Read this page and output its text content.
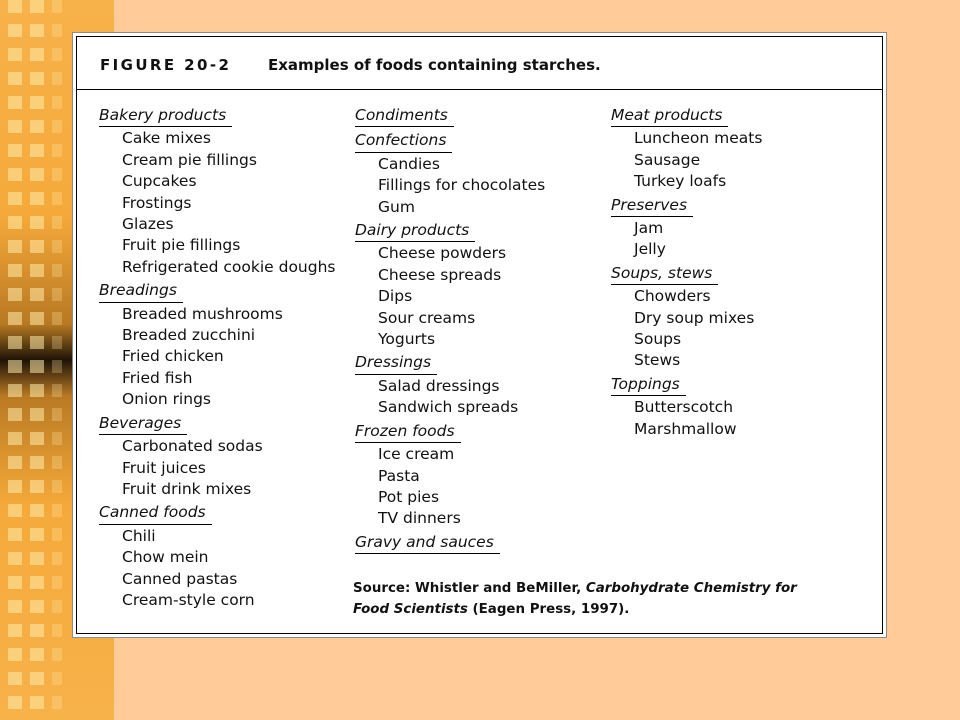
FIGURE 20-2 Examples of foods containing starches.
Bakery products
Cake mixes
Cream pie fillings
Cupcakes
Frostings
Glazes
Fruit pie fillings
Refrigerated cookie doughs
Breadings
Breaded mushrooms
Breaded zucchini
Fried chicken
Fried fish
Onion rings
Beverages
Carbonated sodas
Fruit juices
Fruit drink mixes
Canned foods
Chili
Chow mein
Canned pastas
Cream-style corn
Condiments
Confections
Candies
Fillings for chocolates
Gum
Dairy products
Cheese powders
Cheese spreads
Dips
Sour creams
Yogurts
Dressings
Salad dressings
Sandwich spreads
Frozen foods
Ice cream
Pasta
Pot pies
TV dinners
Gravy and sauces
Meat products
Luncheon meats
Sausage
Turkey loafs
Preserves
Jam
Jelly
Soups, stews
Chowders
Dry soup mixes
Soups
Stews
Toppings
Butterscotch
Marshmallow
Source: Whistler and BeMiller, Carbohydrate Chemistry for Food Scientists (Eagen Press, 1997).
